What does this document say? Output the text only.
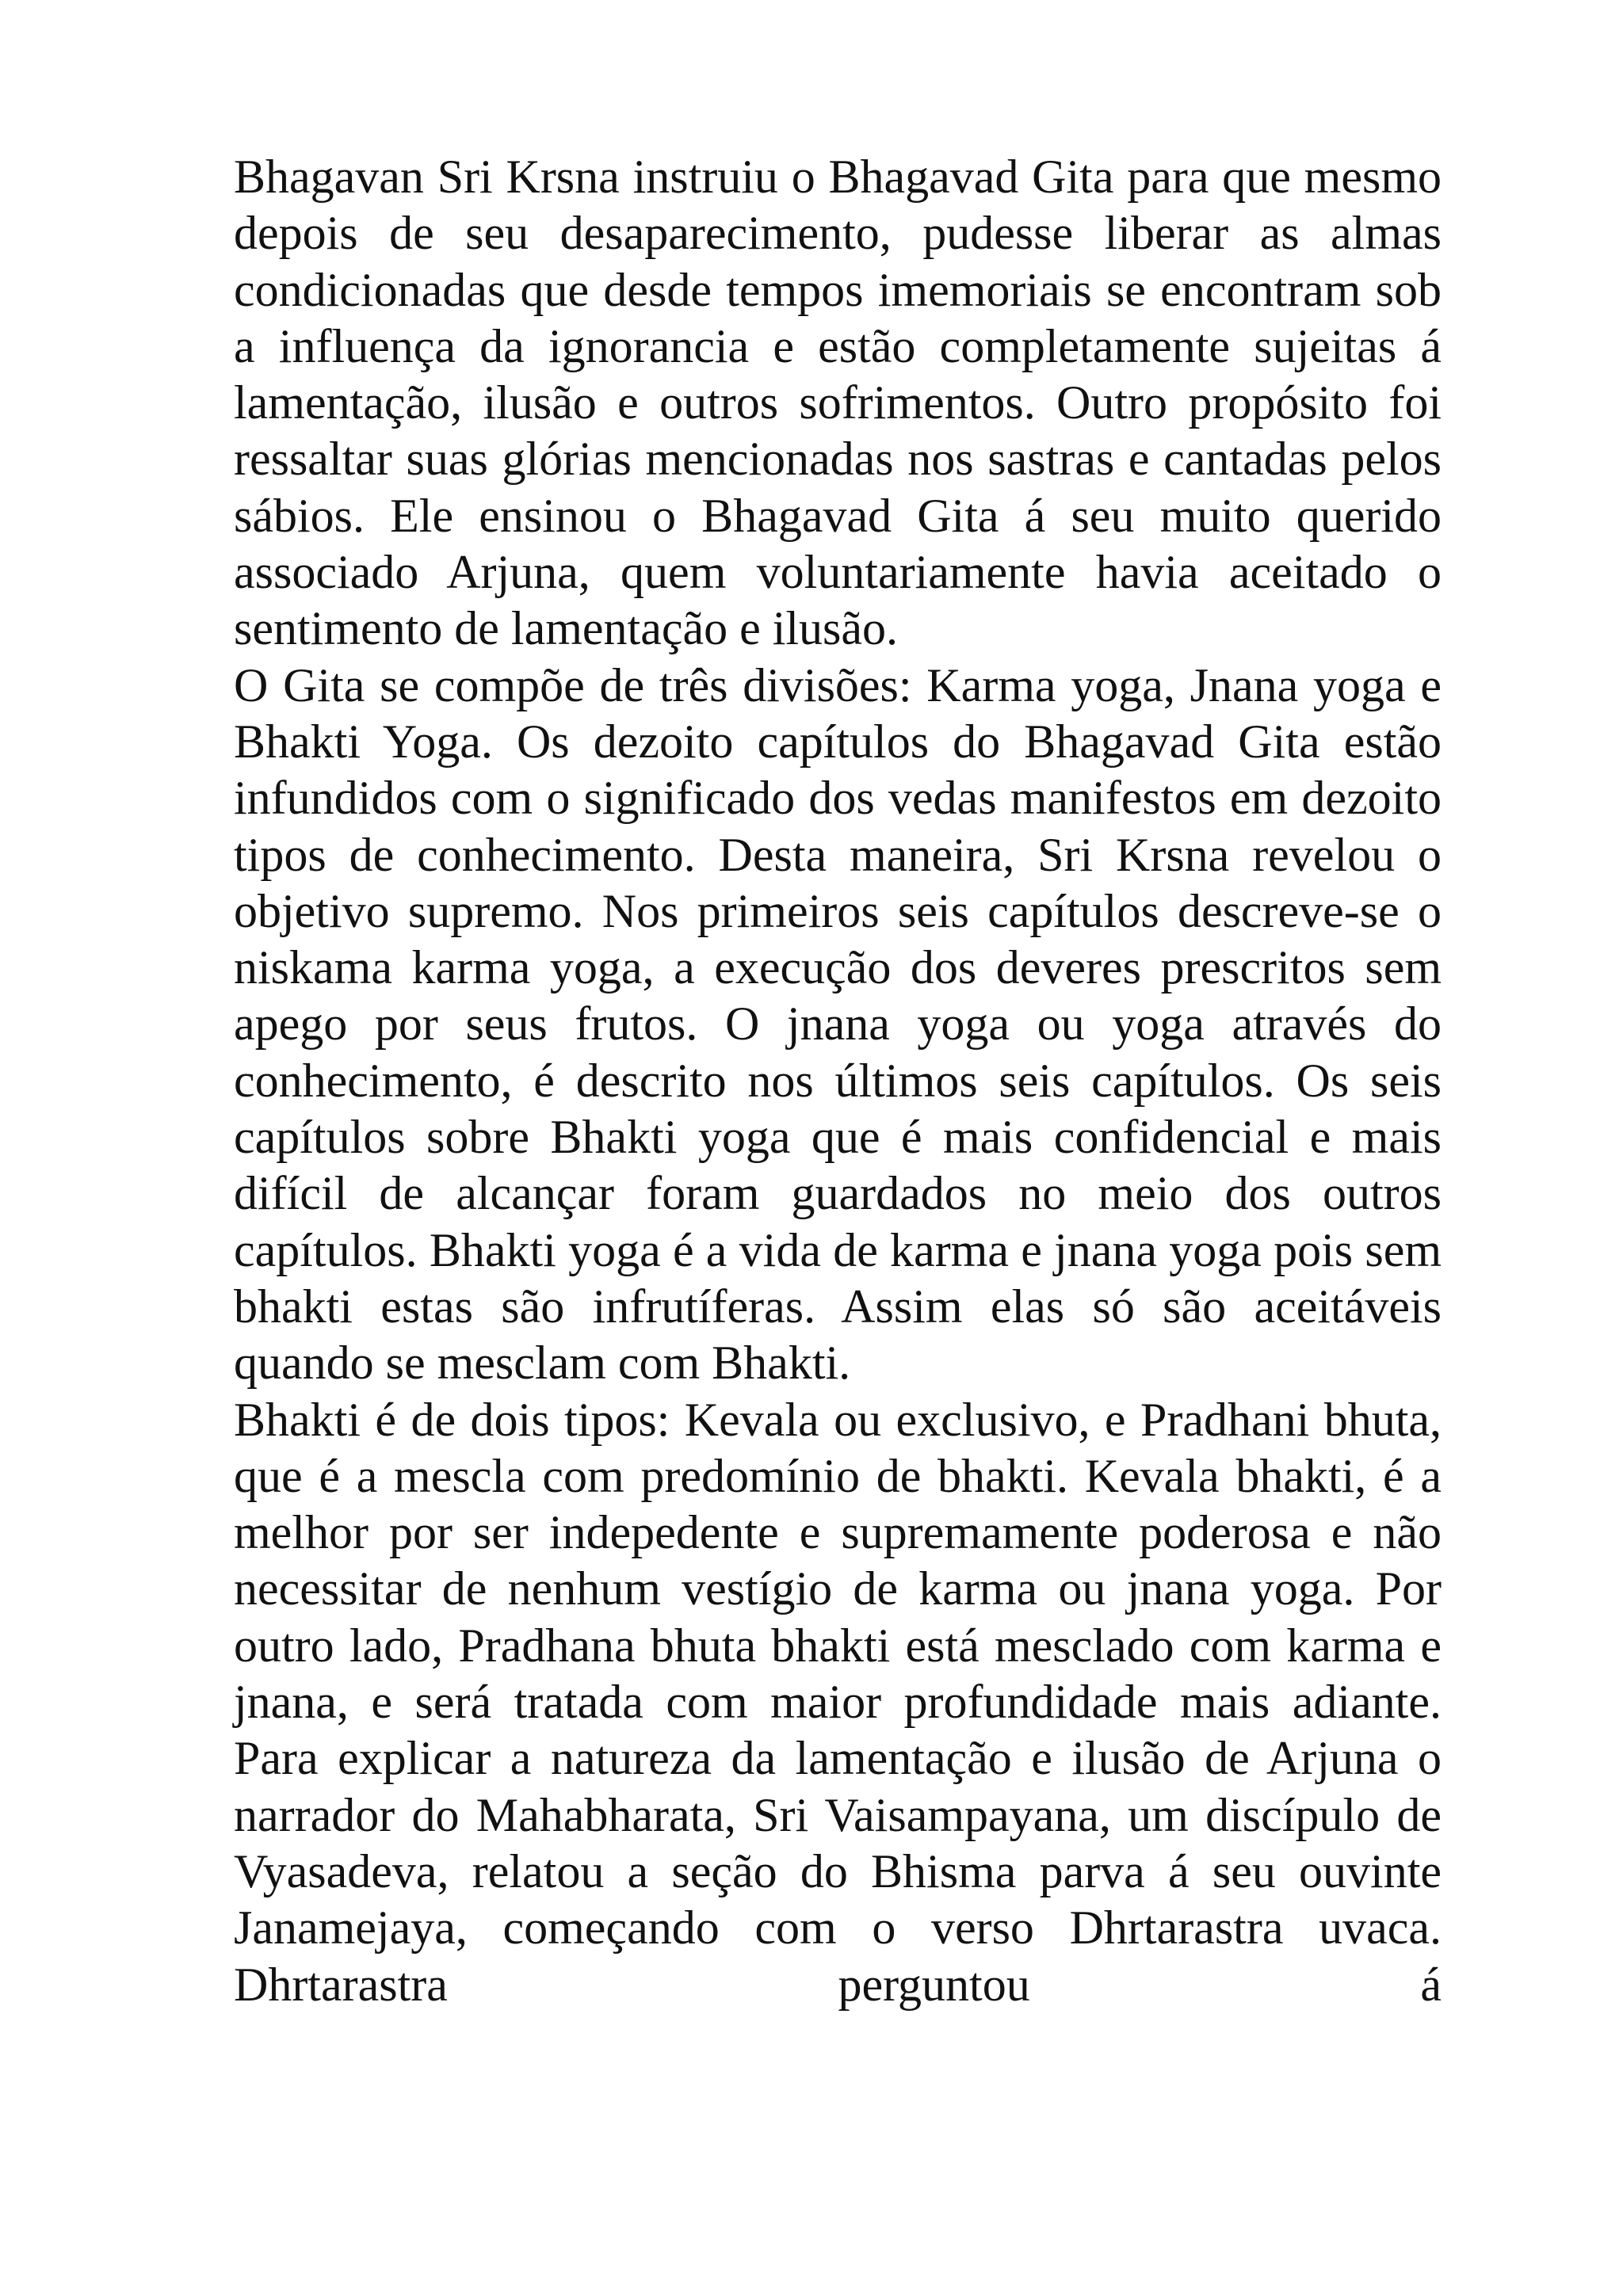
Bhagavan Sri Krsna instruiu o Bhagavad Gita para que mesmo depois de seu desaparecimento, pudesse liberar as almas condicionadas que desde tempos imemoriais se encontram sob a influença da ignorancia e estão completamente sujeitas á lamentação, ilusão e outros sofrimentos. Outro propósito foi ressaltar suas glórias mencionadas nos sastras e cantadas pelos sábios. Ele ensinou o Bhagavad Gita á seu muito querido associado Arjuna, quem voluntariamente havia aceitado o sentimento de lamentação e ilusão.

O Gita se compõe de três divisões: Karma yoga, Jnana yoga e Bhakti Yoga. Os dezoito capítulos do Bhagavad Gita estão infundidos com o significado dos vedas manifestos em dezoito tipos de conhecimento. Desta maneira, Sri Krsna revelou o objetivo supremo. Nos primeiros seis capítulos descreve-se o niskama karma yoga, a execução dos deveres prescritos sem apego por seus frutos. O jnana yoga ou yoga através do conhecimento, é descrito nos últimos seis capítulos. Os seis capítulos sobre Bhakti yoga que é mais confidencial e mais difícil de alcançar foram guardados no meio dos outros capítulos. Bhakti yoga é a vida de karma e jnana yoga pois sem bhakti estas são infrutíferas. Assim elas só são aceitáveis quando se mesclam com Bhakti.

Bhakti é de dois tipos: Kevala ou exclusivo, e Pradhani bhuta, que é a mescla com predomínio de bhakti. Kevala bhakti, é a melhor por ser indepedente e supremamente poderosa e não necessitar de nenhum vestígio de karma ou jnana yoga. Por outro lado, Pradhana bhuta bhakti está mesclado com karma e jnana, e será tratada com maior profundidade mais adiante. Para explicar a natureza da lamentação e ilusão de Arjuna o narrador do Mahabharata, Sri Vaisampayana, um discípulo de Vyasadeva, relatou a seção do Bhisma parva á seu ouvinte Janamejaya, começando com o verso Dhrtarastra uvaca. Dhrtarastra perguntou á
